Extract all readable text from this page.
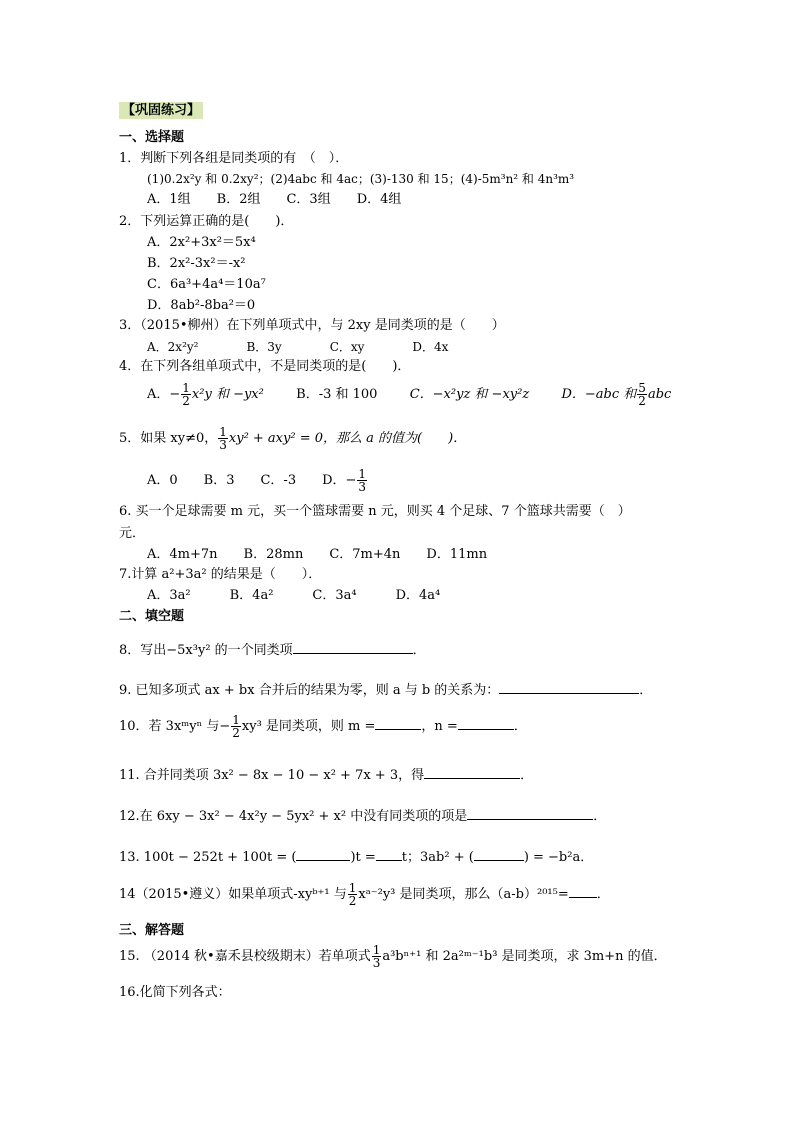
【巩固练习】
一、选择题
1．判断下列各组是同类项的有　（　）．
(1)0.2x²y 和 0.2xy²；(2)4abc 和 4ac；(3)-130 和 15；(4)-5m³n² 和 4n³m³
A．1组　　B．2组　　C．3组　　D．4组
2．下列运算正确的是(　　)．
A．2x²+3x²＝5x⁴
B．2x²-3x²＝-x²
C．6a³+4a⁴＝10a⁷
D．8ab²-8ba²＝0
3．（2015•柳州）在下列单项式中，与 2xy 是同类项的是（　　）
A．2x²y²　　　　B．3y　　　　C．xy　　　　D．4x
4．在下列各组单项式中，不是同类项的是(　　)．
A．− $\frac{1}{2} x^2y$ 和 −yx² B．-3 和 100 C．−x²yz 和 −xy²z D．−abc 和 $\frac{5}{2}$ abc
5．如果 xy≠0， $\frac{1}{3} xy^2 + axy^2 = 0$，那么 a 的值为(　　)．
A．0　　B．3　　C．-3　　D．− $\frac{1}{3}$
6. 买一个足球需要 m 元，买一个篮球需要 n 元，则买 4 个足球、7 个篮球共需要（　）
元．
A．4m+7n　　B．28mn　　C．7m+4n　　D．11mn
7.计算 a²+3a² 的结果是（　　）．
A．3a²　　　B．4a²　　　C．3a⁴　　　D．4a⁴
二、填空题
8．写出−5x³y² 的一个同类项	．
9. 已知多项式 ax + bx 合并后的结果为零，则 a 与 b 的关系为：	．
10．若 3xᵐyⁿ 与− $\frac{1}{2} xy^3$ 是同类项，则 m =	，n =	．
11. 合并同类项 3x² − 8x − 10 − x² + 7x + 3，得	．
12.在 6xy − 3x² − 4x²y − 5yx² + x² 中没有同类项的项是	．
13. 100t − 252t + 100t = (	)t = t；3ab² + (	) = −b²a．
14（2015•遵义）如果单项式-xyᵇ⁺¹ 与 $\frac{1}{2}$ xᵃ⁻²y³ 是同类项，那么（a-b）²⁰¹⁵= ．
三、解答题
15. （2014 秋•嘉禾县校级期末）若单项式 $\frac{1}{3} a^3b^{n+1}$ 和 2a²ᵐ⁻¹b³ 是同类项，求 3m+n 的值．
16.化简下列各式：
